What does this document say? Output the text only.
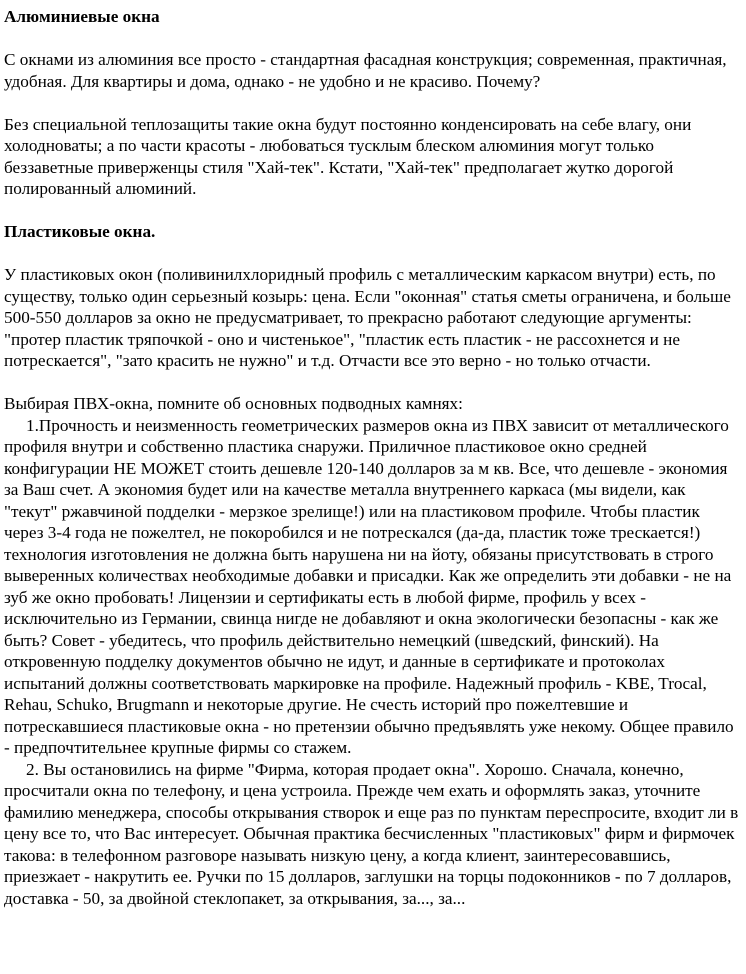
Алюминиевые окна

С окнами из алюминия все просто - стандартная фасадная конструкция; современная, практичная, удобная. Для квартиры и дома, однако - не удобно и не красиво. Почему?

Без специальной теплозащиты такие окна будут постоянно конденсировать на себе влагу, они холодноваты; а по части красоты - любоваться тусклым блеском алюминия могут только беззаветные приверженцы стиля "Хай-тек". Кстати, "Хай-тек" предполагает жутко дорогой полированный алюминий.

Пластиковые окна.

У пластиковых окон (поливинилхлоридный профиль с металлическим каркасом внутри) есть, по существу, только один серьезный козырь: цена. Если "оконная" статья сметы ограничена, и больше 500-550 долларов за окно не предусматривает, то прекрасно работают следующие аргументы: "протер пластик тряпочкой - оно и чистенькое", "пластик есть пластик - не рассохнется и не потрескается", "зато красить не нужно" и т.д. Отчасти все это верно - но только отчасти.

Выбирая ПВХ-окна, помните об основных подводных камнях:

1.Прочность и неизменность геометрических размеров окна из ПВХ зависит от металлического профиля внутри и собственно пластика снаружи. Приличное пластиковое окно средней конфигурации НЕ МОЖЕТ стоить дешевле 120-140 долларов за м кв. Все, что дешевле - экономия за Ваш счет. А экономия будет или на качестве металла внутреннего каркаса (мы видели, как "текут" ржавчиной подделки - мерзкое зрелище!) или на пластиковом профиле. Чтобы пластик через 3-4 года не пожелтел, не покоробился и не потрескался (да-да, пластик тоже трескается!) технология изготовления не должна быть нарушена ни на йоту, обязаны присутствовать в строго выверенных количествах необходимые добавки и присадки. Как же определить эти добавки - не на зуб же окно пробовать! Лицензии и сертификаты есть в любой фирме, профиль у всех - исключительно из Германии, свинца нигде не добавляют и окна экологически безопасны - как же быть? Совет - убедитесь, что профиль действительно немецкий (шведский, финский). На откровенную подделку документов обычно не идут, и данные в сертификате и протоколах испытаний должны соответствовать маркировке на профиле. Надежный профиль - KBE, Trocal, Rehau, Schuko, Brugmann и некоторые другие. Не счесть историй про пожелтевшие и потрескавшиеся пластиковые окна - но претензии обычно предъявлять уже некому. Общее правило - предпочтительнее крупные фирмы со стажем.

2. Вы остановились на фирме "Фирма, которая продает окна". Хорошо. Сначала, конечно, просчитали окна по телефону, и цена устроила. Прежде чем ехать и оформлять заказ, уточните фамилию менеджера, способы открывания створок и еще раз по пунктам переспросите, входит ли в цену все то, что Вас интересует. Обычная практика бесчисленных "пластиковых" фирм и фирмочек такова: в телефонном разговоре называть низкую цену, а когда клиент, заинтересовавшись, приезжает - накрутить ее. Ручки по 15 долларов, заглушки на торцы подоконников - по 7 долларов, доставка - 50, за двойной стеклопакет, за открывания, за..., за...
